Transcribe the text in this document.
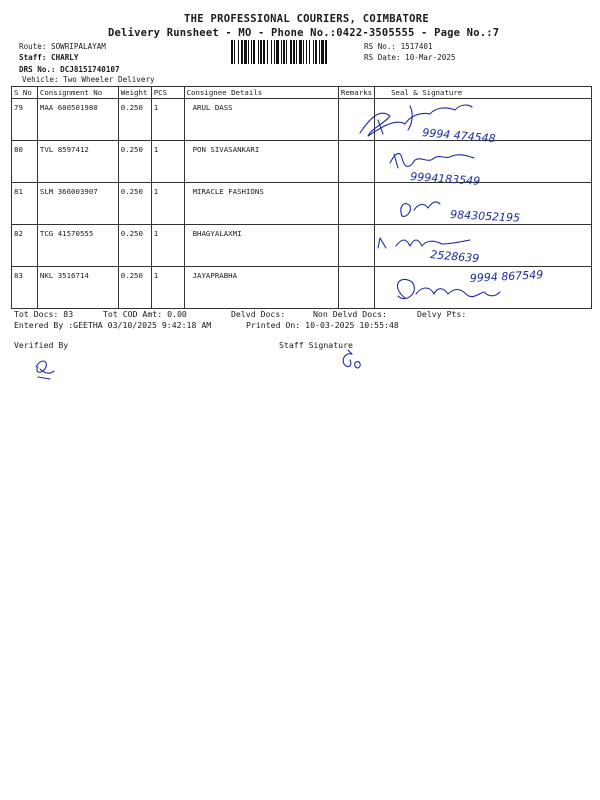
THE PROFESSIONAL COURIERS, COIMBATORE
Delivery Runsheet - MO - Phone No.:0422-3505555 - Page No.:7
Route: SOWRIPALAYAM
Staff: CHARLY
DRS No.: DCJ8151740107
Vehicle: Two Wheeler Delivery
RS No.: 1517401
RS Date: 10-Mar-2025
S No	Consignment No	Weight	PCS	Consignee Details	Remarks	Seal & Signature
79	MAA 600501980	0.250	1	ARUL DASS		
80	TVL 8597412	0.250	1	PON SIVASANKARI		
81	SLM 366003907	0.250	1	MIRACLE FASHIONS		
82	TCG 41570555	0.250	1	BHAGYALAXMI		
83	NKL 3516714	0.250	1	JAYAPRABHA		
9994 474548
9994183549
9843052195
2528639
9994 867549
Tot Docs: 83	Tot COD Amt: 0.00	Delvd Docs:	Non Delvd Docs:	Delvy Pts:
Entered By :GEETHA 03/10/2025 9:42:18 AM	Printed On: 10-03-2025 10:55:48
Verified By	Staff Signature
